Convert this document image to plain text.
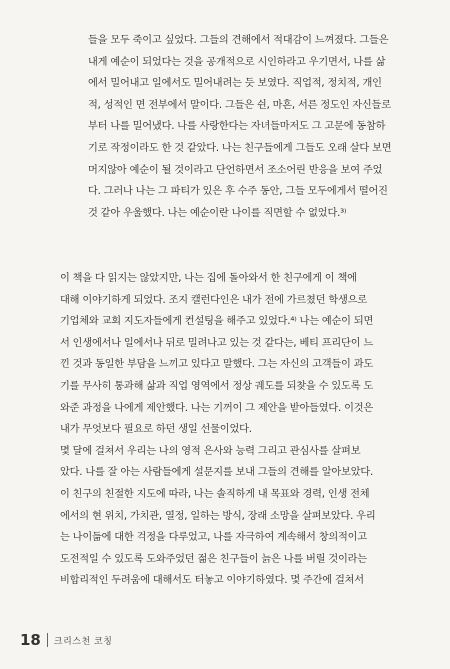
들을 모두 죽이고 싶었다. 그들의 견해에서 적대감이 느껴졌다. 그들은
내게 예순이 되었다는 것을 공개적으로 시인하라고 우기면서, 나를 삶
에서 밀어내고 일에서도 밀어내려는 듯 보였다. 직업적, 정치적, 개인
적, 성적인 면 전부에서 말이다. 그들은 쉰, 마흔, 서른 정도인 자신들로
부터 나를 밀어냈다. 나를 사랑한다는 자녀들마저도 그 고문에 동참하
기로 작정이라도 한 것 같았다. 나는 친구들에게 그들도 오래 살다 보면
머지않아 예순이 될 것이라고 단언하면서 조소어린 반응을 보여 주었
다. 그러나 나는 그 파티가 있은 후 수주 동안, 그들 모두에게서 떨어진
것 같아 우울했다. 나는 예순이란 나이를 직면할 수 없었다.³⁾
이 책을 다 읽지는 않았지만, 나는 집에 돌아와서 한 친구에게 이 책에
대해 이야기하게 되었다. 조지 캘런다인은 내가 전에 가르쳤던 학생으로
기업체와 교회 지도자들에게 컨설팅을 해주고 있었다.⁴⁾ 나는 예순이 되면
서 인생에서나 일에서나 뒤로 밀려나고 있는 것 같다는, 베티 프리단이 느
낀 것과 동일한 부담을 느끼고 있다고 말했다. 그는 자신의 고객들이 과도
기를 무사히 통과해 삶과 직업 영역에서 정상 궤도를 되찾을 수 있도록 도
와준 과정을 나에게 제안했다. 나는 기꺼이 그 제안을 받아들였다. 이것은
내가 무엇보다 필요로 하던 생일 선물이었다.
몇 달에 걸쳐서 우리는 나의 영적 은사와 능력 그리고 관심사를 살펴보
았다. 나를 잘 아는 사람들에게 설문지를 보내 그들의 견해를 알아보았다.
이 친구의 친절한 지도에 따라, 나는 솔직하게 내 목표와 경력, 인생 전체
에서의 현 위치, 가치관, 열정, 일하는 방식, 장래 소망을 살펴보았다. 우리
는 나이듦에 대한 걱정을 다루었고, 나를 자극하여 계속해서 창의적이고
도전적일 수 있도록 도와주었던 젊은 친구들이 늙은 나를 버릴 것이라는
비합리적인 두려움에 대해서도 터놓고 이야기하였다. 몇 주간에 걸쳐서
18 크리스천 코칭
